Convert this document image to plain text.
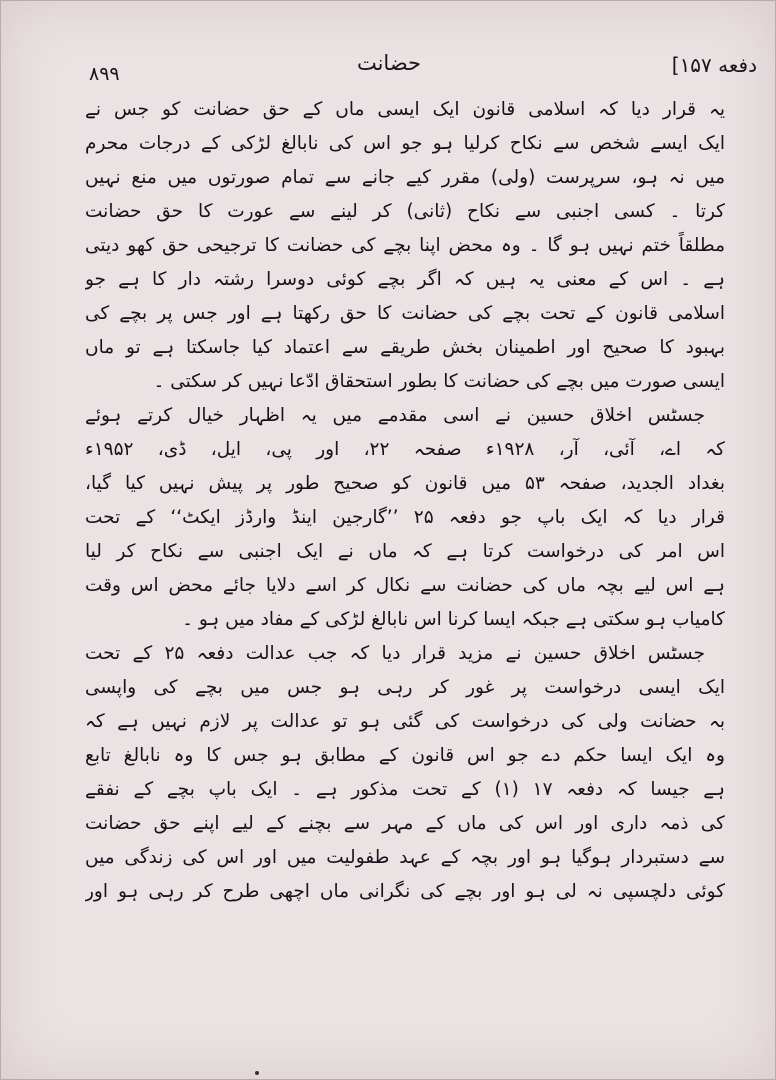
۸۹۹	حضانت	دفعه ۱۵۷]
یہ قرار دیا کہ اسلامی قانون ایک ایسی ماں کے حق حضانت کو جس نے
ایک ایسے شخص سے نکاح کرلیا ہو جو اس کی نابالغ لڑکی کے درجات محرم
میں نہ ہو، سرپرست (ولی) مقرر کیے جانے سے تمام صورتوں میں منع نہیں
کرتا ۔ کسی اجنبی سے نکاح (ثانی) کر لینے سے عورت کا حق حضانت
مطلقاً ختم نہیں ہو گا ۔ وہ محض اپنا بچے کی حضانت کا ترجیحی حق کھو دیتی
ہے ۔ اس کے معنی یہ ہیں کہ اگر بچے کوئی دوسرا رشتہ دار کا ہے جو
اسلامی قانون کے تحت بچے کی حضانت کا حق رکھتا ہے اور جس پر بچے کی
بہبود کا صحیح اور اطمینان بخش طریقے سے اعتماد کیا جاسکتا ہے تو ماں
ایسی صورت میں بچے کی حضانت کا بطور استحقاق ادّعا نہیں کر سکتی ۔
جسٹس اخلاق حسین نے اسی مقدمے میں یہ اظہار خیال کرتے ہوئے
کہ اے، آئی، آر، ۱۹۲۸ء صفحہ ۲۲، اور پی، ایل، ڈی، ۱۹۵۲ء
بغداد الجدید، صفحہ ۵۳ میں قانون کو صحیح طور پر پیش نہیں کیا گیا،
قرار دیا کہ ایک باپ جو دفعہ ۲۵ ’’گارجین اینڈ وارڈز ایکٹ‘‘ کے تحت
اس امر کی درخواست کرتا ہے کہ ماں نے ایک اجنبی سے نکاح کر لیا
ہے اس لیے بچہ ماں کی حضانت سے نکال کر اسے دلایا جائے محض اس وقت
کامیاب ہو سکتی ہے جبکہ ایسا کرنا اس نابالغ لڑکی کے مفاد میں ہو ۔
جسٹس اخلاق حسین نے مزید قرار دیا کہ جب عدالت دفعہ ۲۵ کے تحت
ایک ایسی درخواست پر غور کر رہی ہو جس میں بچے کی واپسی
بہ حضانت ولی کی درخواست کی گئی ہو تو عدالت پر لازم نہیں ہے کہ
وہ ایک ایسا حکم دے جو اس قانون کے مطابق ہو جس کا وہ نابالغ تابع
ہے جیسا کہ دفعہ ۱۷ (۱) کے تحت مذکور ہے ۔ ایک باپ بچے کے نفقے
کی ذمہ داری اور اس کی ماں کے مہر سے بچنے کے لیے اپنے حق حضانت
سے دستبردار ہوگیا ہو اور بچہ کے عہد طفولیت میں اور اس کی زندگی میں
کوئی دلچسپی نہ لی ہو اور بچے کی نگرانی ماں اچھی طرح کر رہی ہو اور
